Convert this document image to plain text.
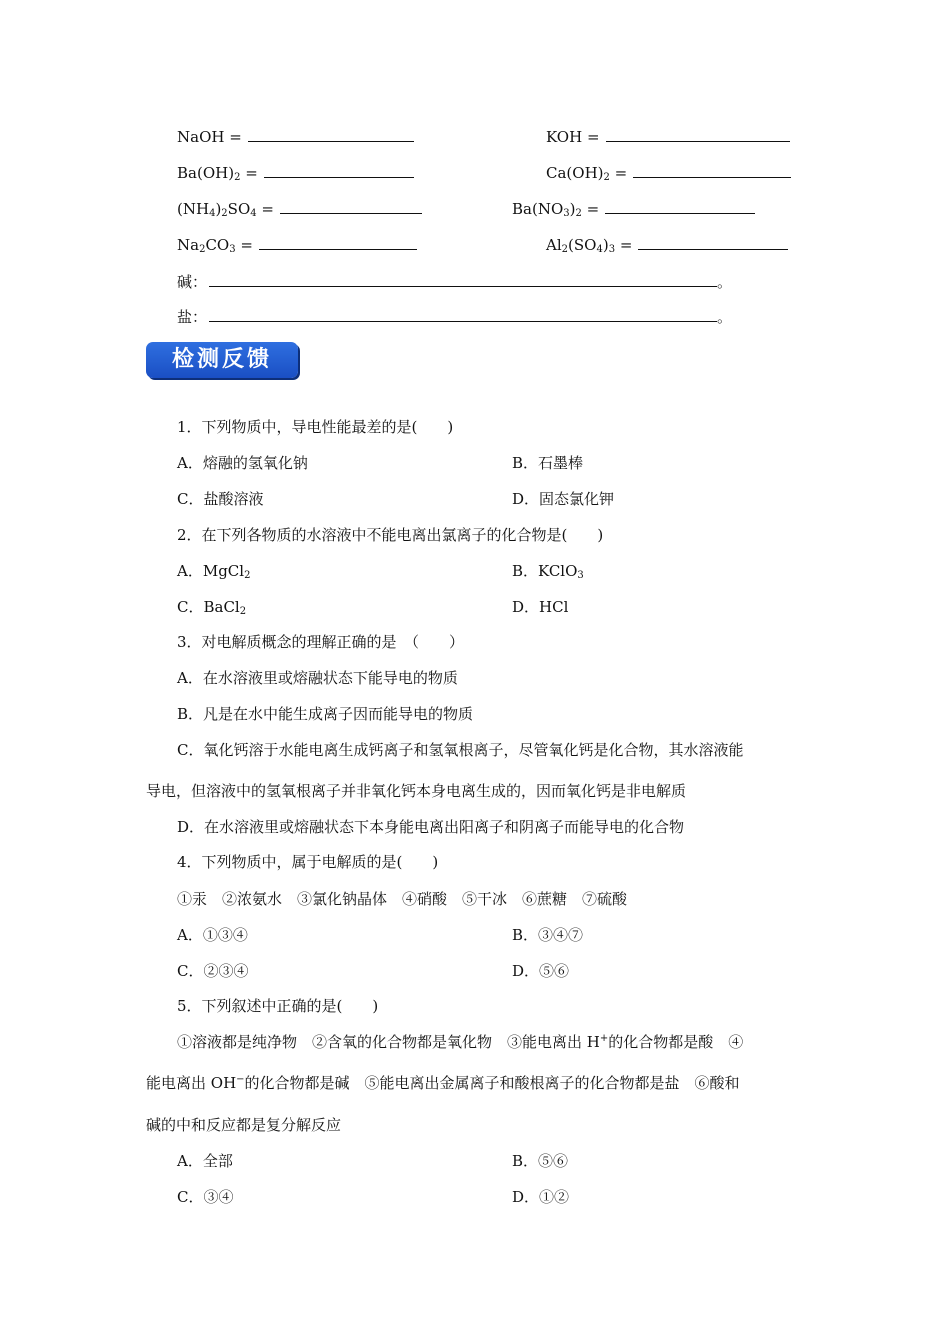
NaOH =	KOH =
$Ba(OH)_2$ =	$Ca(OH)_2$ =
$(NH_4)_2SO_4$ =	$Ba(NO_3)_2$ =
$Na_2CO_3$ =	$Al_2(SO_4)_3$ =
碱：	。
盐：	。
检测反馈
1．下列物质中，导电性能最差的是(　　)
A．熔融的氢氧化钠	B．石墨棒
C．盐酸溶液	D．固态氯化钾
2．在下列各物质的水溶液中不能电离出氯离子的化合物是(　　)
A．MgCl$_2$	B．KClO$_3$
C．BaCl$_2$	D．HCl
3．对电解质概念的理解正确的是　（　　）
A．在水溶液里或熔融状态下能导电的物质
B．凡是在水中能生成离子因而能导电的物质
C．氧化钙溶于水能电离生成钙离子和氢氧根离子，尽管氧化钙是化合物，其水溶液能
导电，但溶液中的氢氧根离子并非氧化钙本身电离生成的，因而氧化钙是非电解质
D．在水溶液里或熔融状态下本身能电离出阳离子和阴离子而能导电的化合物
4．下列物质中，属于电解质的是(　　)
①汞　②浓氨水　③氯化钠晶体　④硝酸　⑤干冰　⑥蔗糖　⑦硫酸
A．①③④	B．③④⑦
C．②③④	D．⑤⑥
5．下列叙述中正确的是(　　)
①溶液都是纯净物　②含氧的化合物都是氧化物　③能电离出 H+的化合物都是酸　④
能电离出 OH−的化合物都是碱　⑤能电离出金属离子和酸根离子的化合物都是盐　⑥酸和
碱的中和反应都是复分解反应
A．全部	B．⑤⑥
C．③④	D．①②
